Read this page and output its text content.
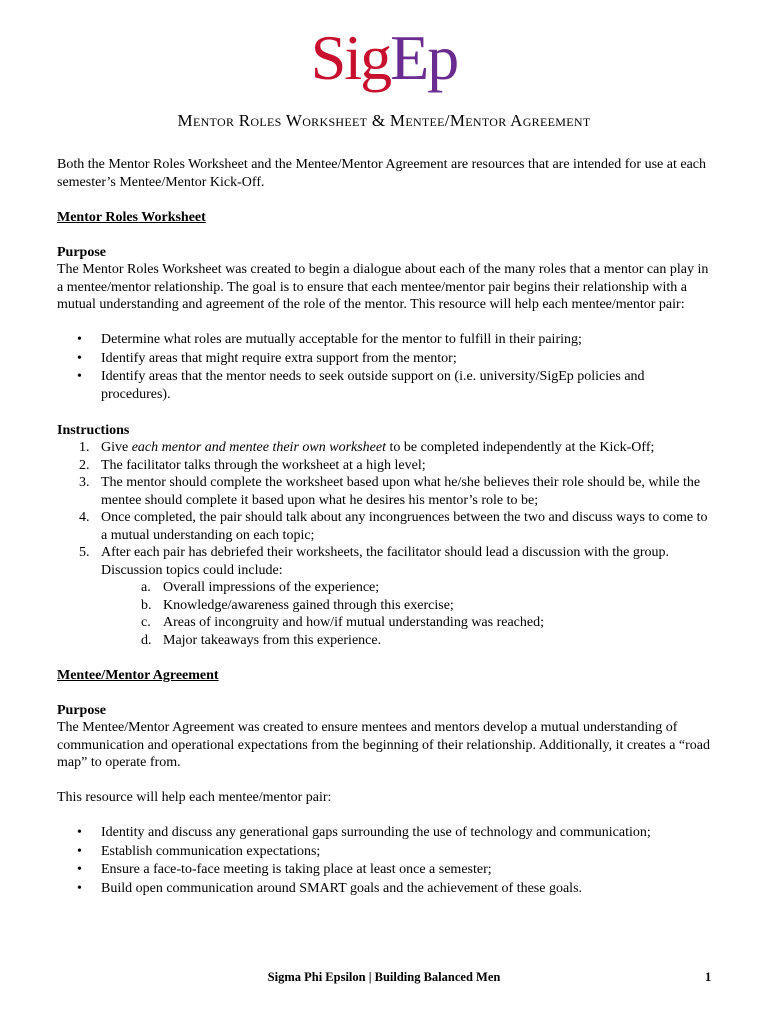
SigEp
Mentor Roles Worksheet & Mentee/Mentor Agreement

Both the Mentor Roles Worksheet and the Mentee/Mentor Agreement are resources that are intended for use at each semester’s Mentee/Mentor Kick-Off.

Mentor Roles Worksheet

Purpose

The Mentor Roles Worksheet was created to begin a dialogue about each of the many roles that a mentor can play in a mentee/mentor relationship. The goal is to ensure that each mentee/mentor pair begins their relationship with a mutual understanding and agreement of the role of the mentor. This resource will help each mentee/mentor pair:

• Determine what roles are mutually acceptable for the mentor to fulfill in their pairing;
• Identify areas that might require extra support from the mentor;
• Identify areas that the mentor needs to seek outside support on (i.e. university/SigEp policies and procedures).

Instructions

1. Give each mentor and mentee their own worksheet to be completed independently at the Kick-Off;
2. The facilitator talks through the worksheet at a high level;
3. The mentor should complete the worksheet based upon what he/she believes their role should be, while the mentee should complete it based upon what he desires his mentor’s role to be;
4. Once completed, the pair should talk about any incongruences between the two and discuss ways to come to a mutual understanding on each topic;
5. After each pair has debriefed their worksheets, the facilitator should lead a discussion with the group. Discussion topics could include:
a. Overall impressions of the experience;
b. Knowledge/awareness gained through this exercise;
c. Areas of incongruity and how/if mutual understanding was reached;
d. Major takeaways from this experience.

Mentee/Mentor Agreement

Purpose

The Mentee/Mentor Agreement was created to ensure mentees and mentors develop a mutual understanding of communication and operational expectations from the beginning of their relationship. Additionally, it creates a “road map” to operate from.

This resource will help each mentee/mentor pair:

• Identity and discuss any generational gaps surrounding the use of technology and communication;
• Establish communication expectations;
• Ensure a face-to-face meeting is taking place at least once a semester;
• Build open communication around SMART goals and the achievement of these goals.
Sigma Phi Epsilon | Building Balanced Men	1
